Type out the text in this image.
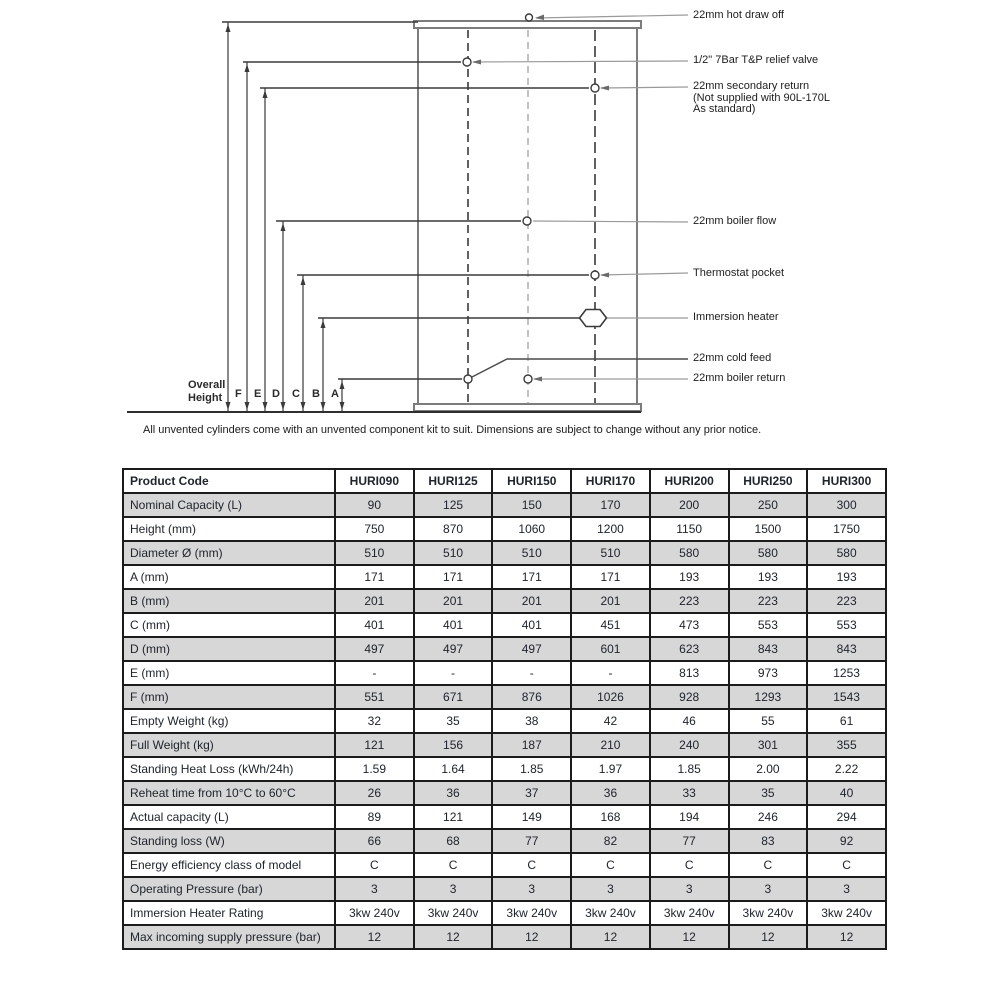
22mm hot draw off
1/2" 7Bar T&P relief valve
22mm secondary return
(Not supplied with 90L-170L
As standard)
22mm boiler flow
Thermostat pocket
Immersion heater
22mm cold feed
22mm boiler return
F E D C B A
Overall
Height
All unvented cylinders come with an unvented component kit to suit. Dimensions are subject to change without any prior notice.
Product Code	HURI090	HURI125	HURI150	HURI170	HURI200	HURI250	HURI300
Nominal Capacity (L)	90	125	150	170	200	250	300
Height (mm)	750	870	1060	1200	1150	1500	1750
Diameter Ø (mm)	510	510	510	510	580	580	580
A (mm)	171	171	171	171	193	193	193
B (mm)	201	201	201	201	223	223	223
C (mm)	401	401	401	451	473	553	553
D (mm)	497	497	497	601	623	843	843
E (mm)	-	-	-	-	813	973	1253
F (mm)	551	671	876	1026	928	1293	1543
Empty Weight (kg)	32	35	38	42	46	55	61
Full Weight (kg)	121	156	187	210	240	301	355
Standing Heat Loss (kWh/24h)	1.59	1.64	1.85	1.97	1.85	2.00	2.22
Reheat time from 10°C to 60°C	26	36	37	36	33	35	40
Actual capacity (L)	89	121	149	168	194	246	294
Standing loss (W)	66	68	77	82	77	83	92
Energy efficiency class of model	C	C	C	C	C	C	C
Operating Pressure (bar)	3	3	3	3	3	3	3
Immersion Heater Rating	3kw 240v	3kw 240v	3kw 240v	3kw 240v	3kw 240v	3kw 240v	3kw 240v
Max incoming supply pressure (bar)	12	12	12	12	12	12	12
